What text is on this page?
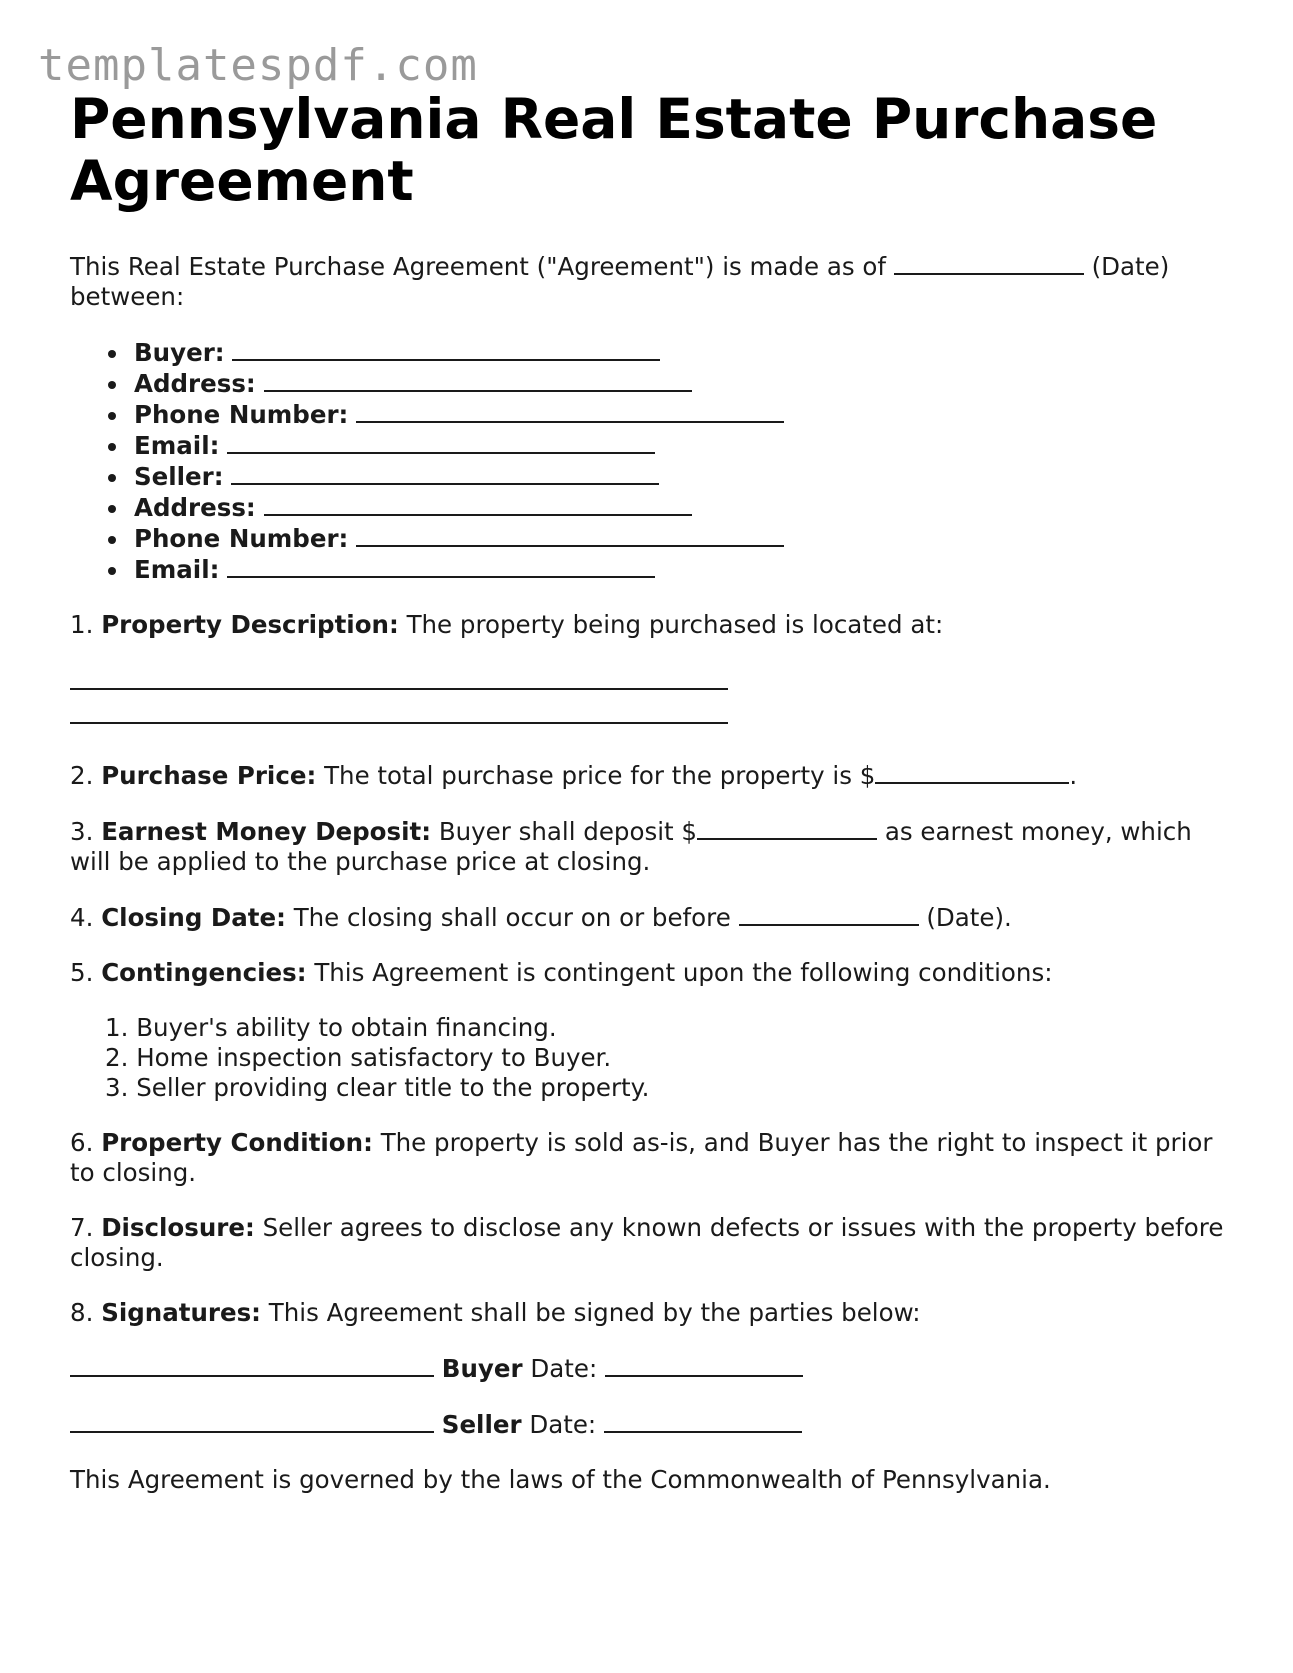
templatespdf.com
Pennsylvania Real Estate Purchase Agreement

This Real Estate Purchase Agreement ("Agreement") is made as of	(Date) between:

Buyer:
Address:
Phone Number:
Email:
Seller:
Address:
Phone Number:
Email:

1. Property Description: The property being purchased is located at:

2. Purchase Price: The total purchase price for the property is $	.

3. Earnest Money Deposit: Buyer shall deposit $	as earnest money, which will be applied to the purchase price at closing.

4. Closing Date: The closing shall occur on or before	(Date).

5. Contingencies: This Agreement is contingent upon the following conditions:

1. Buyer's ability to obtain financing.
2. Home inspection satisfactory to Buyer.
3. Seller providing clear title to the property.

6. Property Condition: The property is sold as-is, and Buyer has the right to inspect it prior to closing.

7. Disclosure: Seller agrees to disclose any known defects or issues with the property before closing.

8. Signatures: This Agreement shall be signed by the parties below:

Buyer Date:

Seller Date:

This Agreement is governed by the laws of the Commonwealth of Pennsylvania.
